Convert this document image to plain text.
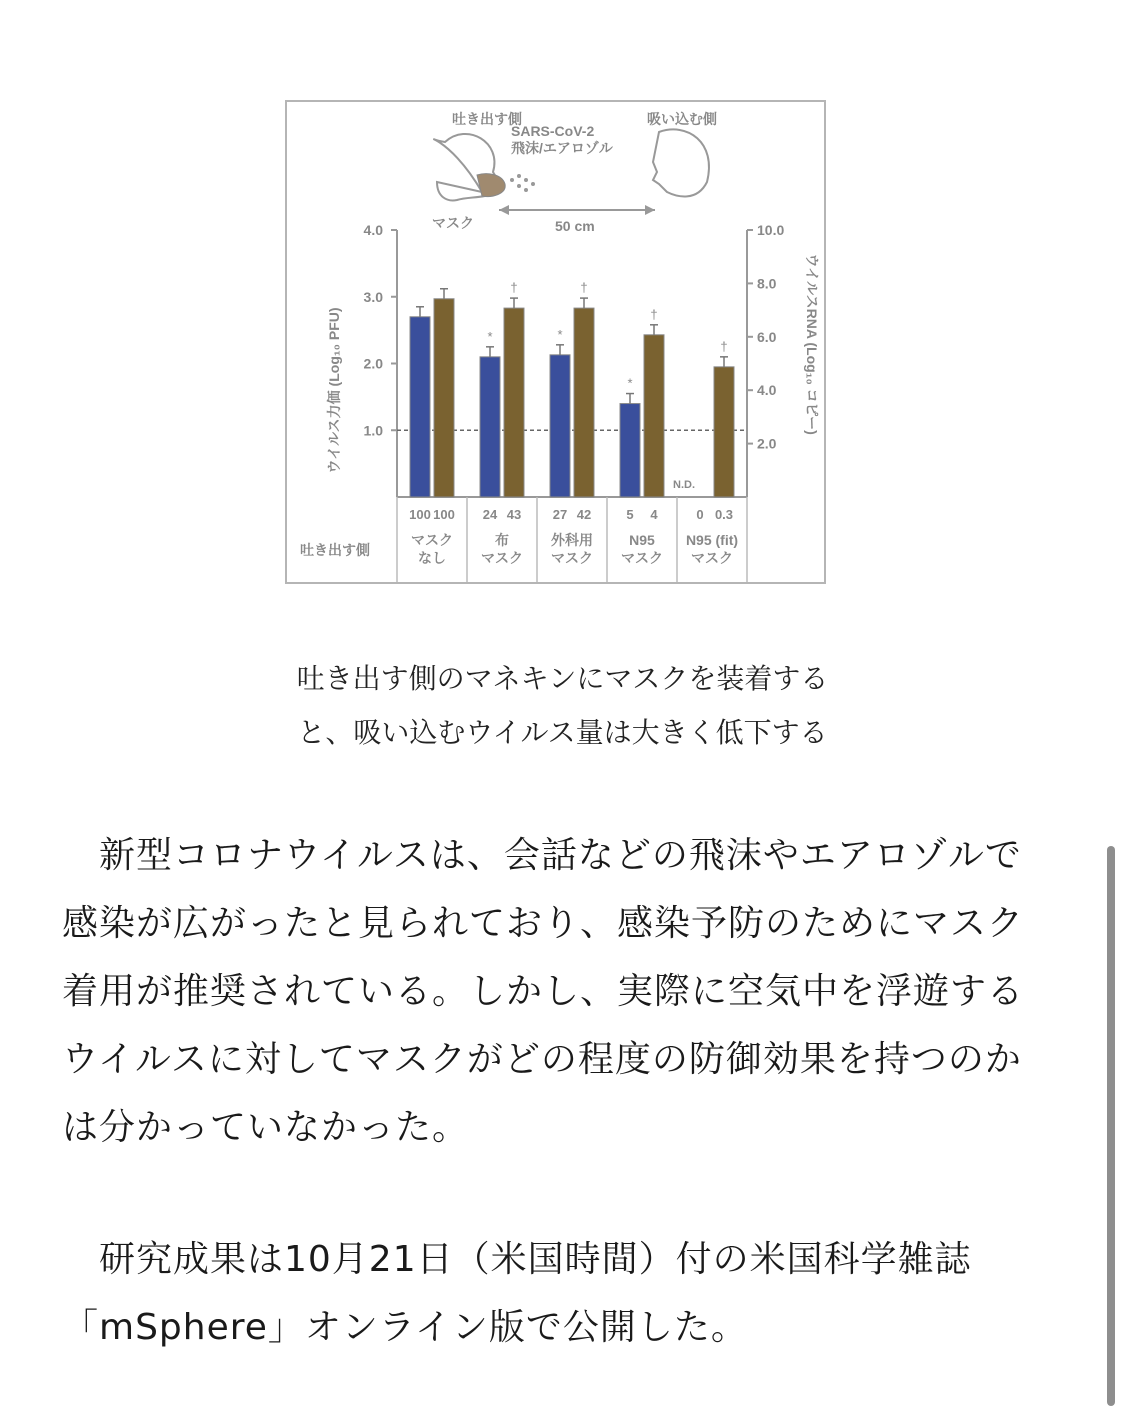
吐き出す側
SARS-CoV-2
飛沫/エアロゾル
吸い込む側
マスク	50 cm
4.0
3.0
2.0
1.0
10.0
8.0
6.0
4.0
2.0
ウイルス力価 (Log₁₀ PFU)	ウイルスRNA (Log₁₀ コピー)
100 100
マスク
なし
*
†
24 43
布
マスク
*
†
27 42
外科用
マスク
*
†
5 4
N95
マスク
†
0 0.3
N95 (fit)
マスク
N.D.
吐き出す側
吐き出す側のマネキンにマスクを装着する
と、吸い込むウイルス量は大きく低下する
　新型コロナウイルスは、会話などの飛沫やエアロゾルで感染が広がったと見られており、感染予防のためにマスク着用が推奨されている。しかし、実際に空気中を浮遊するウイルスに対してマスクがどの程度の防御効果を持つのかは分かっていなかった。
　研究成果は10月21日（米国時間）付の米国科学雑誌「mSphere」オンライン版で公開した。
